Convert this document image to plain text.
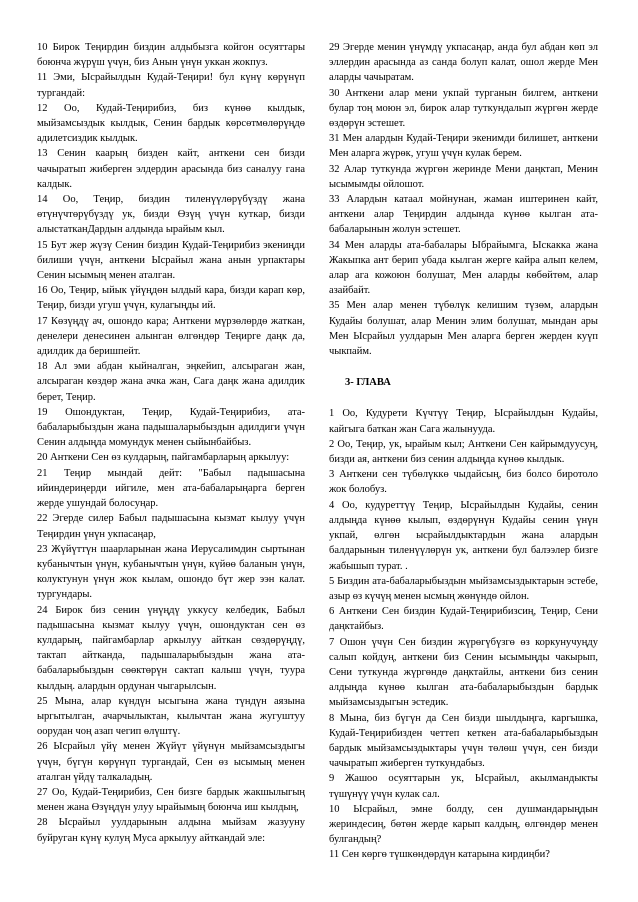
10 Бирок Теңирдин биздин алдыбызга койгон осуяттары боюнча жүрүш үчүн, биз Анын үнүн уккан жокпуз.

11 Эми, Ысрайылдын Кудай-Теңири! бул күнү көрүнүп тургандай:

12 Оо, Кудай-Теңирибиз, биз күнөө кылдык, мыйзамсыздык кылдык, Сенин бардык көрсөтмөлөрүңдө адилетсиздик кылдык.

13 Сенин каарың бизден кайт, анткени сен бизди чачыратып жиберген элдердин арасында биз саналуу гана калдык.

14 Оо, Теңир, биздин тиленүүлөрүбүздү жана өтүнүчтөрүбүздү ук, бизди Өзүң үчүн куткар, бизди алыстатканДардын алдында ырайым кыл.

15 Бут жер жүзү Сенин биздин Кудай-Теңирибиз экениңди билиши үчүн, анткени Ысрайыл жана анын урпактары Сенин ысымың менен аталган.

16 Оо, Теңир, ыйык үйүңдөн ылдый кара, бизди карап көр, Теңир, бизди угуш үчүн, кулагыңды ий.

17 Көзүңдү ач, ошондо кара; Анткени мүрзөлөрдө жаткан, денелери денесинен алынган өлгөндөр Теңирге даңк да, адилдик да беришпейт.

18 Ал эми абдан кыйналган, эңкейип, алсыраган жан, алсыраган көздөр жана ачка жан, Сага даңк жана адилдик берет, Теңир.

19 Ошондуктан, Теңир, Кудай-Теңирибиз, ата-бабаларыбыздын жана падышаларыбыздын адилдиги үчүн Сенин алдыңда момундук менен сыйынбайбыз.

20 Анткени Сен өз кулдарың, пайгамбарларың аркылуу:

21 Теңир мындай дейт: "Бабыл падышасына ийиндериңерди ийгиле, мен ата-бабаларыңарга берген жерде ушундай болосуңар.

22 Эгерде силер Бабыл падышасына кызмат кылуу үчүн Теңирдин үнүн укпасаңар,

23 Жүйүттүн шаарларынан жана Иерусалимдин сыртынан кубанычтын үнүн, кубанычтын үнүн, күйөө баланын үнүн, колуктунун үнүн жок кылам, ошондо бүт жер ээн калат. тургундары.

24 Бирок биз сенин үнүңдү уккусу келбедик, Бабыл падышасына кызмат кылуу үчүн, ошондуктан сен өз кулдарың, пайгамбарлар аркылуу айткан сөздөрүңдү, тактап айтканда, падышаларыбыздын жана ата-бабаларыбыздын сөөктөрүн сактап калыш үчүн, туура кылдың. алардын ордунан чыгарылсын.

25 Мына, алар күндүн ысыгына жана түндүн аязына ыргытылган, ачарчылыктан, кылычтан жана жугуштуу оорудан чоң азап чегип өлүштү.

26 Ысрайыл үйү менен Жүйүт үйүнүн мыйзамсыздыгы үчүн, бүгүн көрүнүп тургандай, Сен өз ысымың менен аталган үйдү талкаладың.

27 Оо, Кудай-Теңирибиз, Сен бизге бардык жакшылыгың менен жана Өзүңдүн улуу ырайымың боюнча иш кылдың,

28 Ысрайыл уулдарынын алдына мыйзам жазууну буйруган күнү кулуң Муса аркылуу айткандай эле:

29 Эгерде менин үнүмдү укпасаңар, анда бул абдан көп эл эллердин арасында аз санда болуп калат, ошол жерде Мен аларды чачыратам.

30 Анткени алар мени укпай турганын билгем, анткени булар тоң моюн эл, бирок алар туткундалып жүргөн жерде өздөрүн эстешет.

31 Мен алардын Кудай-Теңири экенимди билишет, анткени Мен аларга жүрөк, угуш үчүн кулак берем.

32 Алар туткунда жүргөн жеринде Мени даңктап, Менин ысымымды ойлошот.

33 Алардын катаал мойнунан, жаман иштеринен кайт, анткени алар Теңирдин алдында күнөө кылган ата-бабаларынын жолун эстешет.

34 Мен аларды ата-бабалары Ыбрайымга, Ыскакка жана Жакыпка ант берип убада кылган жерге кайра алып келем, алар ага кожоюн болушат, Мен аларды көбөйтөм, алар азайбайт.

35 Мен алар менен түбөлүк келишим түзөм, алардын Кудайы болушат, алар Менин элим болушат, мындан ары Мен Ысрайыл уулдарын Мен аларга берген жерден куүп чыкпайм.

3- ГЛАВА

1 Оо, Кудурети Күчтүү Теңир, Ысрайылдын Кудайы, кайгыга баткан жан Сага жалынууда.

2 Оо, Теңир, ук, ырайым кыл; Анткени Сен кайрымдуусуң, бизди ая, анткени биз сенин алдыңда күнөө кылдык.

3 Анткени сен түбөлүккө чыдайсың, биз болсо биротоло жок болобуз.

4 Оо, кудуреттүү Теңир, Ысрайылдын Кудайы, сенин алдыңда күнөө кылып, өздөрүнүн Кудайы сенин үнүн укпай, өлгөн ысрайылдыктардын жана алардын балдарынын тиленүүлөрүн ук, анткени бул балээлер бизге жабышып турат. .

5 Биздин ата-бабаларыбыздын мыйзамсыздыктарын эстебе, азыр өз күчүң менен ысмың жөнүндө ойлон.

6 Анткени Сен биздин Кудай-Теңирибизсиң, Теңир, Сени даңктайбыз.

7 Ошон үчүн Сен биздин жүрөгүбүзгө өз коркунучуңду салып койдуң, анткени биз Сенин ысымыңды чакырып, Сени туткунда жүргөндө даңктайлы, анткени биз сенин алдыңда күнөө кылган ата-бабаларыбыздын бардык мыйзамсыздыгын эстедик.

8 Мына, биз бүгүн да Сен бизди шылдыңга, каргышка, Кудай-Теңирибизден четтеп кеткен ата-бабаларыбыздын бардык мыйзамсыздыктары үчүн төлөш үчүн, сен бизди чачыратып жиберген туткундабыз.

9 Жашоо осуяттарын ук, Ысрайыл, акылмандыкты түшүнүү үчүн кулак сал.

10 Ысрайыл, эмне болду, сен душмандарыңдын жериндесиң, бөтөн жерде карып калдың, өлгөндөр менен булгандың?

11 Сен көргө түшкөндөрдүн катарына кирдиңби?
